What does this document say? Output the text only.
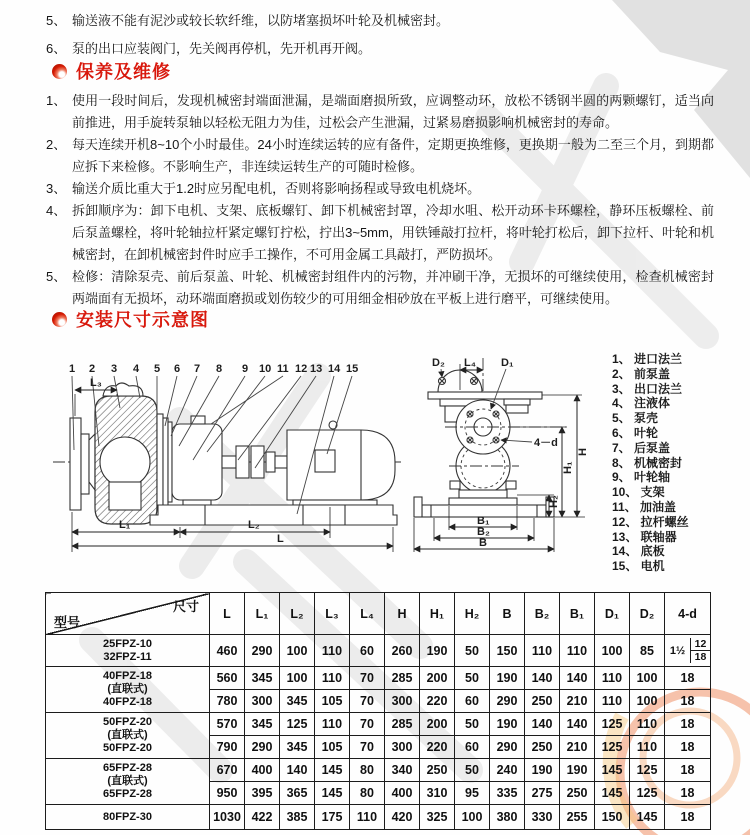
5、 输送液不能有泥沙或较长软纤维，以防堵塞损坏叶轮及机械密封。
6、 泵的出口应装阀门，先关阀再停机，先开机再开阀。
保养及维修
1、 使用一段时间后，发现机械密封端面泄漏，是端面磨损所致，应调整动环，放松不锈钢半圆的两颗螺钉，适当向前推进，用手旋转泵轴以轻松无阻力为佳，过松会产生泄漏，过紧易磨损影响机械密封的寿命。
2、 每天连续开机8~10个小时最佳。24小时连续运转的应有备件，定期更换维修，更换期一般为二至三个月，到期都应拆下来检修。不影响生产，非连续运转生产的可随时检修。
3、 输送介质比重大于1.2时应另配电机，否则将影响扬程或导致电机烧坏。
4、 拆卸顺序为：卸下电机、支架、底板螺钉、卸下机械密封罩，冷却水咀、松开动环卡环螺栓，静环压板螺栓、前后泵盖螺栓，将叶轮轴拉杆紧定螺钉拧松，拧出3~5mm，用铁锤敲打拉杆，将叶轮打松后，卸下拉杆、叶轮和机械密封，在卸机械密封件时应手工操作，不可用金属工具敲打，严防损坏。
5、 检修：清除泵壳、前后泵盖、叶轮、机械密封组件内的污物，并冲刷干净，无损坏的可继续使用，检查机械密封两端面有无损坏，动环端面磨损或划伤较少的可用细金相砂放在平板上进行磨平，可继续使用。
安装尺寸示意图
1 2 3 4 5 6 7 8 9 10 11 12 13 14 15
L₃
L₁	L₂
L
L₄
D₂	D₁
4－d
H
H₁
H₂
B₁
B₂
B
1、 进口法兰
2、 前泵盖
3、 出口法兰
4、 注液体
5、 泵壳
6、 叶轮
7、 后泵盖
8、 机械密封
9、 叶轮轴
10、 支架
11、 加油盖
12、 拉杆螺丝
13、 联轴器
14、 底板
15、 电机
尺寸
型号	L	L₁	L₂	L₃	L₄	H	H₁	H₂	B	B₂	B₁	D₁	D₂	4-d

25FPZ-10
32FPZ-11	460	290	100	110	60	260	190	50	150	110	110	100	85	1½
12
18

40FPZ-18
(直联式)
40FPZ-18	560	345	100	110	70	285	200	50	190	140	140	110	100	18
	780	300	345	105	70	300	220	60	290	250	210	110	100	18

50FPZ-20
(直联式)
50FPZ-20	570	345	125	110	70	285	200	50	190	140	140	125	110	18
	790	290	345	105	70	300	220	60	290	250	210	125	110	18

65FPZ-28
(直联式)
65FPZ-28	670	400	140	145	80	340	250	50	240	190	190	145	125	18
	950	395	365	145	80	400	310	95	335	275	250	145	125	18

80FPZ-30	1030	422	385	175	110	420	325	100	380	330	255	150	145	18
